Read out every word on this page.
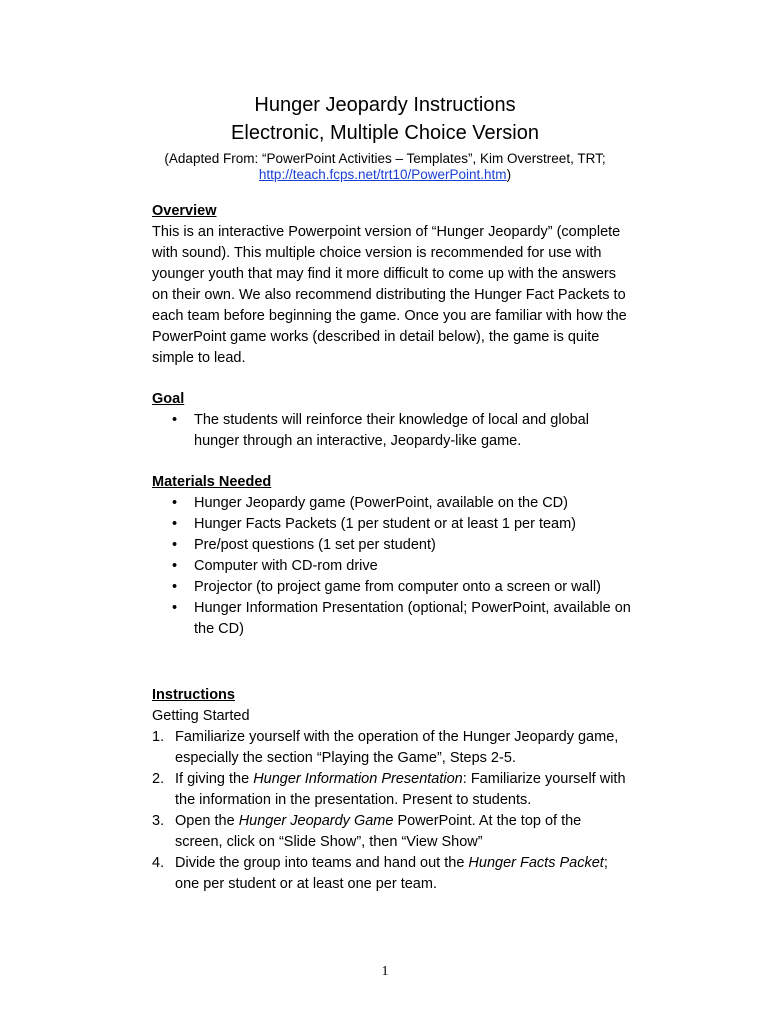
Hunger Jeopardy Instructions
Electronic, Multiple Choice Version
(Adapted From: “PowerPoint Activities – Templates”, Kim Overstreet, TRT;
http://teach.fcps.net/trt10/PowerPoint.htm)
Overview
This is an interactive Powerpoint version of “Hunger Jeopardy” (complete with sound). This multiple choice version is recommended for use with younger youth that may find it more difficult to come up with the answers on their own. We also recommend distributing the Hunger Fact Packets to each team before beginning the game. Once you are familiar with how the PowerPoint game works (described in detail below), the game is quite simple to lead.
Goal
• The students will reinforce their knowledge of local and global hunger through an interactive, Jeopardy-like game.
Materials Needed
• Hunger Jeopardy game (PowerPoint, available on the CD)
• Hunger Facts Packets (1 per student or at least 1 per team)
• Pre/post questions (1 set per student)
• Computer with CD-rom drive
• Projector (to project game from computer onto a screen or wall)
• Hunger Information Presentation (optional; PowerPoint, available on the CD)
Instructions
Getting Started
1. Familiarize yourself with the operation of the Hunger Jeopardy game, especially the section “Playing the Game”, Steps 2-5.
2. If giving the Hunger Information Presentation: Familiarize yourself with the information in the presentation. Present to students.
3. Open the Hunger Jeopardy Game PowerPoint. At the top of the screen, click on “Slide Show”, then “View Show”
4. Divide the group into teams and hand out the Hunger Facts Packet; one per student or at least one per team.
1
